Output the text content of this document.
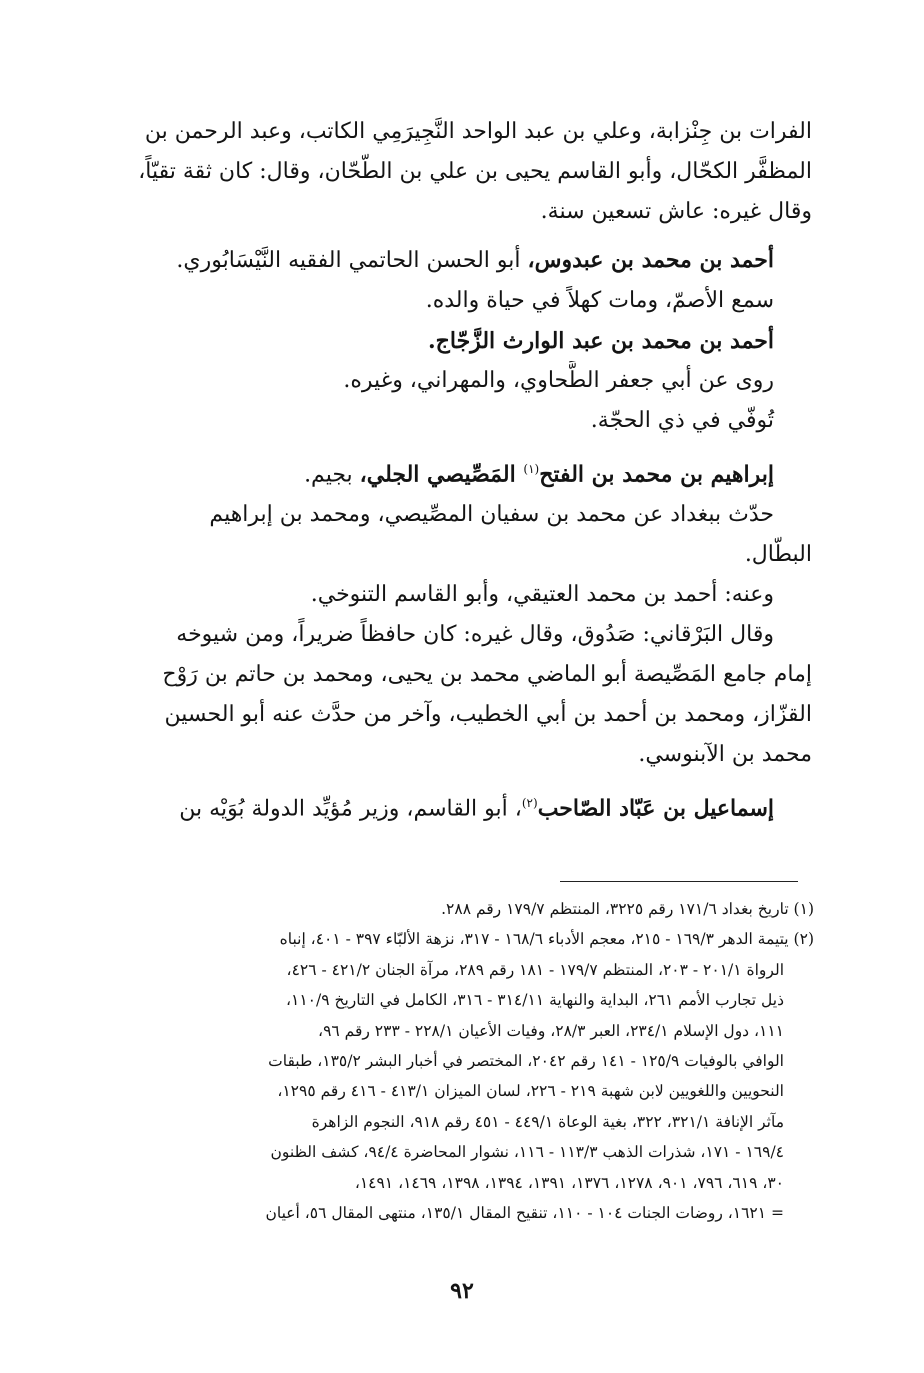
الفرات بن جِنْزابة، وعلي بن عبد الواحد النَّجِيرَمِي الكاتب، وعبد الرحمن بن
المظفَّر الكحّال، وأبو القاسم يحيى بن علي بن الطّحّان، وقال: كان ثقة تقيّاً،
وقال غيره: عاش تسعين سنة.
أحمد بن محمد بن عبدوس، أبو الحسن الحاتمي الفقيه النَّيْسَابُوري.
سمع الأصمّ، ومات كهلاً في حياة والده.
أحمد بن محمد بن عبد الوارث الزَّجّاج.
روى عن أبي جعفر الطَّحاوي، والمهراني، وغيره.
تُوفّي في ذي الحجّة.
إبراهيم بن محمد بن الفتح$^{(١)}$ المَصِّيصي الجلي، بجيم.
حدّث ببغداد عن محمد بن سفيان المصِّيصي، ومحمد بن إبراهيم
البطّال.
وعنه: أحمد بن محمد العتيقي، وأبو القاسم التنوخي.
وقال البَرْقاني: صَدُوق، وقال غيره: كان حافظاً ضريراً، ومن شيوخه
إمام جامع المَصِّيصة أبو الماضي محمد بن يحيى، ومحمد بن حاتم بن رَوْح
القزّاز، ومحمد بن أحمد بن أبي الخطيب، وآخر من حدَّث عنه أبو الحسين
محمد بن الآبنوسي.
إسماعيل بن عَبّاد الصّاحب$^{(٢)}$، أبو القاسم، وزير مُؤيِّد الدولة بُوَيْه بن
(١) تاريخ بغداد ١٧١/٦ رقم ٣٢٢٥، المنتظم ١٧٩/٧ رقم ٢٨٨.
(٢) يتيمة الدهر ١٦٩/٣ - ٢١٥، معجم الأدباء ١٦٨/٦ - ٣١٧، نزهة الألبّاء ٣٩٧ - ٤٠١، إنباه
الرواة ٢٠١/١ - ٢٠٣، المنتظم ١٧٩/٧ - ١٨١ رقم ٢٨٩، مرآة الجنان ٤٢١/٢ - ٤٢٦،
ذيل تجارب الأمم ٢٦١، البداية والنهاية ٣١٤/١١ - ٣١٦، الكامل في التاريخ ١١٠/٩،
١١١، دول الإسلام ٢٣٤/١، العبر ٢٨/٣، وفيات الأعيان ٢٢٨/١ - ٢٣٣ رقم ٩٦،
الوافي بالوفيات ١٢٥/٩ - ١٤١ رقم ٢٠٤٢، المختصر في أخبار البشر ١٣٥/٢، طبقات
النحويين واللغويين لابن شهبة ٢١٩ - ٢٢٦، لسان الميزان ٤١٣/١ - ٤١٦ رقم ١٢٩٥،
مآثر الإنافة ٣٢١/١، ٣٢٢، بغية الوعاة ٤٤٩/١ - ٤٥١ رقم ٩١٨، النجوم الزاهرة
١٦٩/٤ - ١٧١، شذرات الذهب ١١٣/٣ - ١١٦، نشوار المحاضرة ٩٤/٤، كشف الظنون
٣٠، ٦١٩، ٧٩٦، ٩٠١، ١٢٧٨، ١٣٧٦، ١٣٩١، ١٣٩٤، ١٣٩٨، ١٤٦٩، ١٤٩١،
= ١٦٢١، روضات الجنات ١٠٤ - ١١٠، تنقيح المقال ١٣٥/١، منتهى المقال ٥٦، أعيان
٩٢
